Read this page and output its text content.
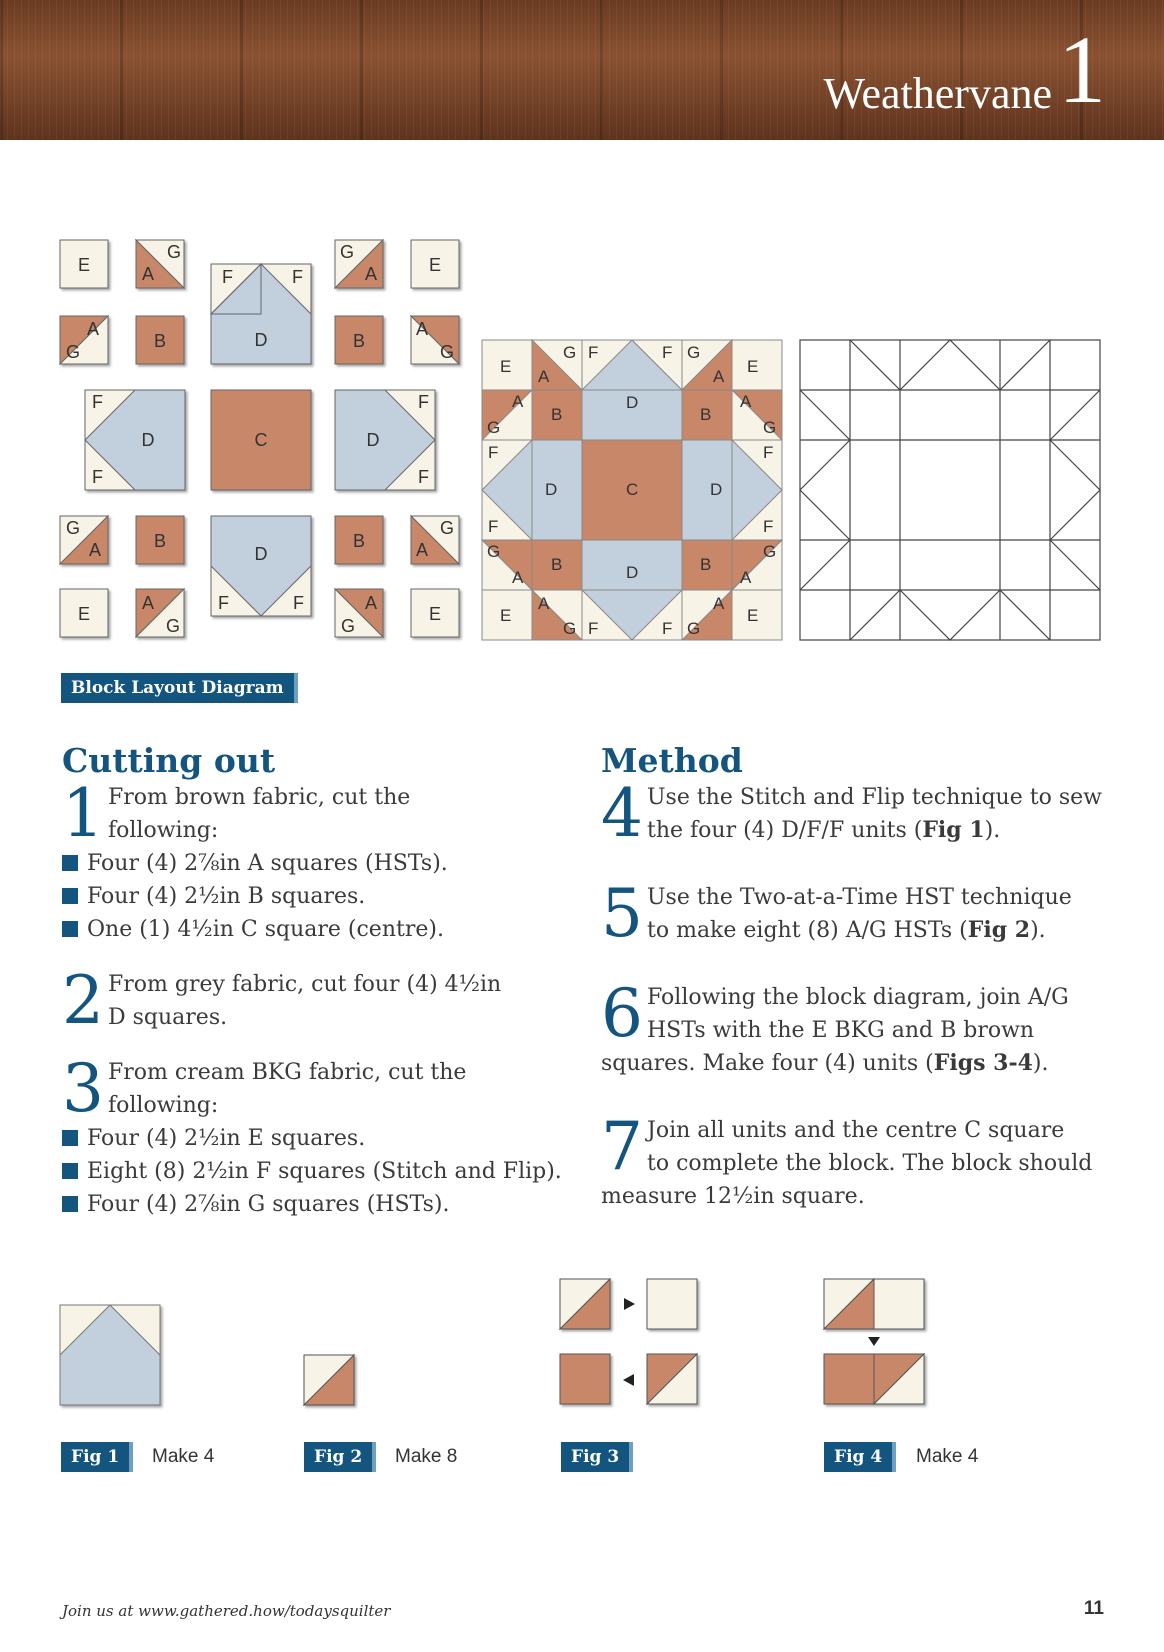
Weathervane 1
E	E
E	E
B	B
B	B
C
D
D	D
D
F	F
F
F
F
F
F	F
A
G	G
A
A
G
A
G
G
A
G
A
A
G
A
G
E	E
E	E
B	B
B	B
C
D
D
D	D
A
G F	F G
A
A
G
F
A
G
F
F
G
A
F
G
A
A
G F	F G
A
Block Layout Diagram
Cutting out
1 From brown fabric, cut the
following:
Four (4) 2⅞in A squares (HSTs).
Four (4) 2½in B squares.
One (1) 4½in C square (centre).
2 From grey fabric, cut four (4) 4½in
D squares.
3 From cream BKG fabric, cut the
following:
Four (4) 2½in E squares.
Eight (8) 2½in F squares (Stitch and Flip).
Four (4) 2⅞in G squares (HSTs).
Method
4 Use the Stitch and Flip technique to sew
the four (4) D/F/F units (Fig 1).
5 Use the Two-at-a-Time HST technique
to make eight (8) A/G HSTs (Fig 2).
6 Following the block diagram, join A/G
HSTs with the E BKG and B brown
squares. Make four (4) units (Figs 3-4).
7 Join all units and the centre C square
to complete the block. The block should
measure 12½in square.
Fig 1	Make 4	Fig 2	Make 8	Fig 3	Fig 4	Make 4
Join us at www.gathered.how/todaysquilter	11
